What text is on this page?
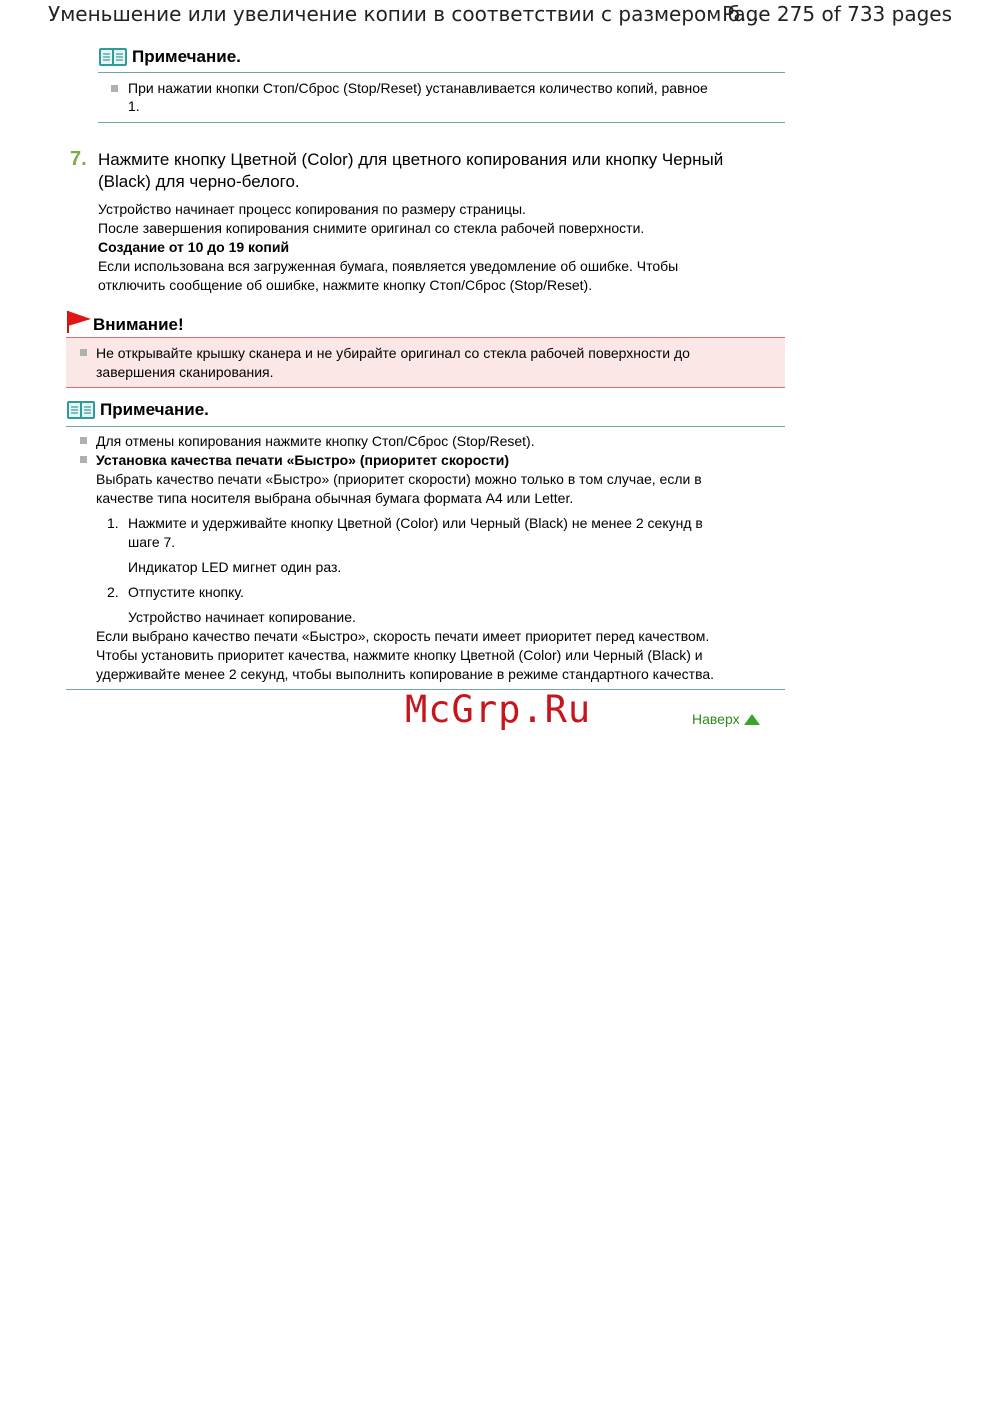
Уменьшение или увеличение копии в соответствии с размером б...
Page 275 of 733 pages
Примечание.
При нажатии кнопки Стоп/Сброс (Stop/Reset) устанавливается количество копий, равное
1.
7. Нажмите кнопку Цветной (Color) для цветного копирования или кнопку Черный
(Black) для черно-белого.
Устройство начинает процесс копирования по размеру страницы.
После завершения копирования снимите оригинал со стекла рабочей поверхности.
Создание от 10 до 19 копий
Если использована вся загруженная бумага, появляется уведомление об ошибке. Чтобы
отключить сообщение об ошибке, нажмите кнопку Стоп/Сброс (Stop/Reset).
Внимание!
Не открывайте крышку сканера и не убирайте оригинал со стекла рабочей поверхности до
завершения сканирования.
Примечание.
Для отмены копирования нажмите кнопку Стоп/Сброс (Stop/Reset).
Установка качества печати «Быстро» (приоритет скорости)
Выбрать качество печати «Быстро» (приоритет скорости) можно только в том случае, если в
качестве типа носителя выбрана обычная бумага формата A4 или Letter.
1. Нажмите и удерживайте кнопку Цветной (Color) или Черный (Black) не менее 2 секунд в
шаге 7.
Индикатор LED мигнет один раз.
2. Отпустите кнопку.
Устройство начинает копирование.
Если выбрано качество печати «Быстро», скорость печати имеет приоритет перед качеством.
Чтобы установить приоритет качества, нажмите кнопку Цветной (Color) или Черный (Black) и
удерживайте менее 2 секунд, чтобы выполнить копирование в режиме стандартного качества.
McGrp.Ru	Наверх
